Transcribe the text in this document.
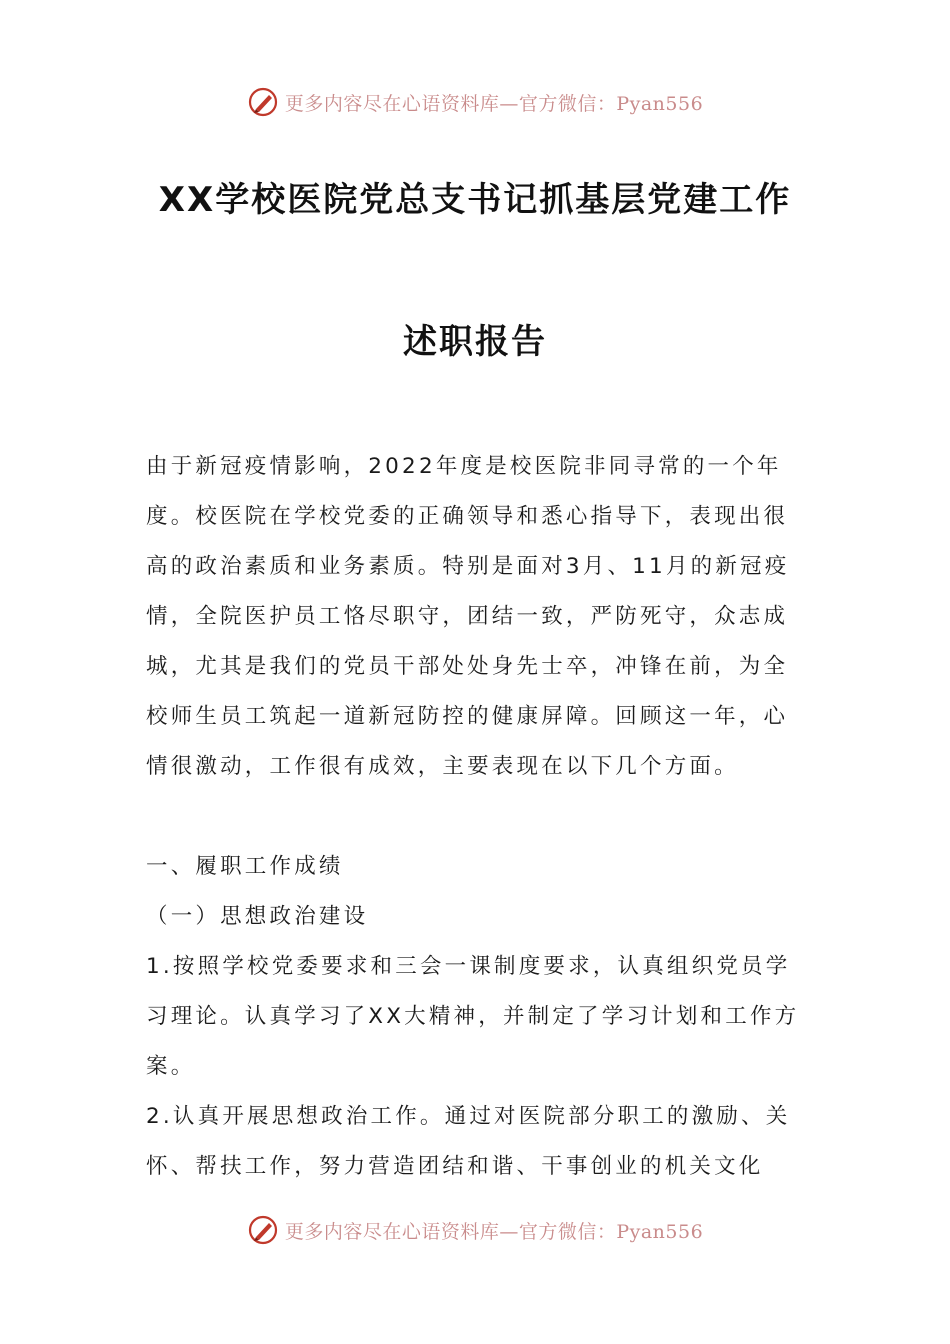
更多内容尽在心语资料库—官方微信：Pyan556
XX学校医院党总支书记抓基层党建工作
述职报告

由于新冠疫情影响，2022年度是校医院非同寻常的一个年度。校医院在学校党委的正确领导和悉心指导下，表现出很高的政治素质和业务素质。特别是面对3月、11月的新冠疫情，全院医护员工恪尽职守，团结一致，严防死守，众志成城，尤其是我们的党员干部处处身先士卒，冲锋在前，为全校师生员工筑起一道新冠防控的健康屏障。回顾这一年，心情很激动，工作很有成效，主要表现在以下几个方面。

一、履职工作成绩

（一）思想政治建设

1.按照学校党委要求和三会一课制度要求，认真组织党员学习理论。认真学习了XX大精神，并制定了学习计划和工作方案。

2.认真开展思想政治工作。通过对医院部分职工的激励、关怀、帮扶工作，努力营造团结和谐、干事创业的机关文化

更多内容尽在心语资料库—官方微信：Pyan556
